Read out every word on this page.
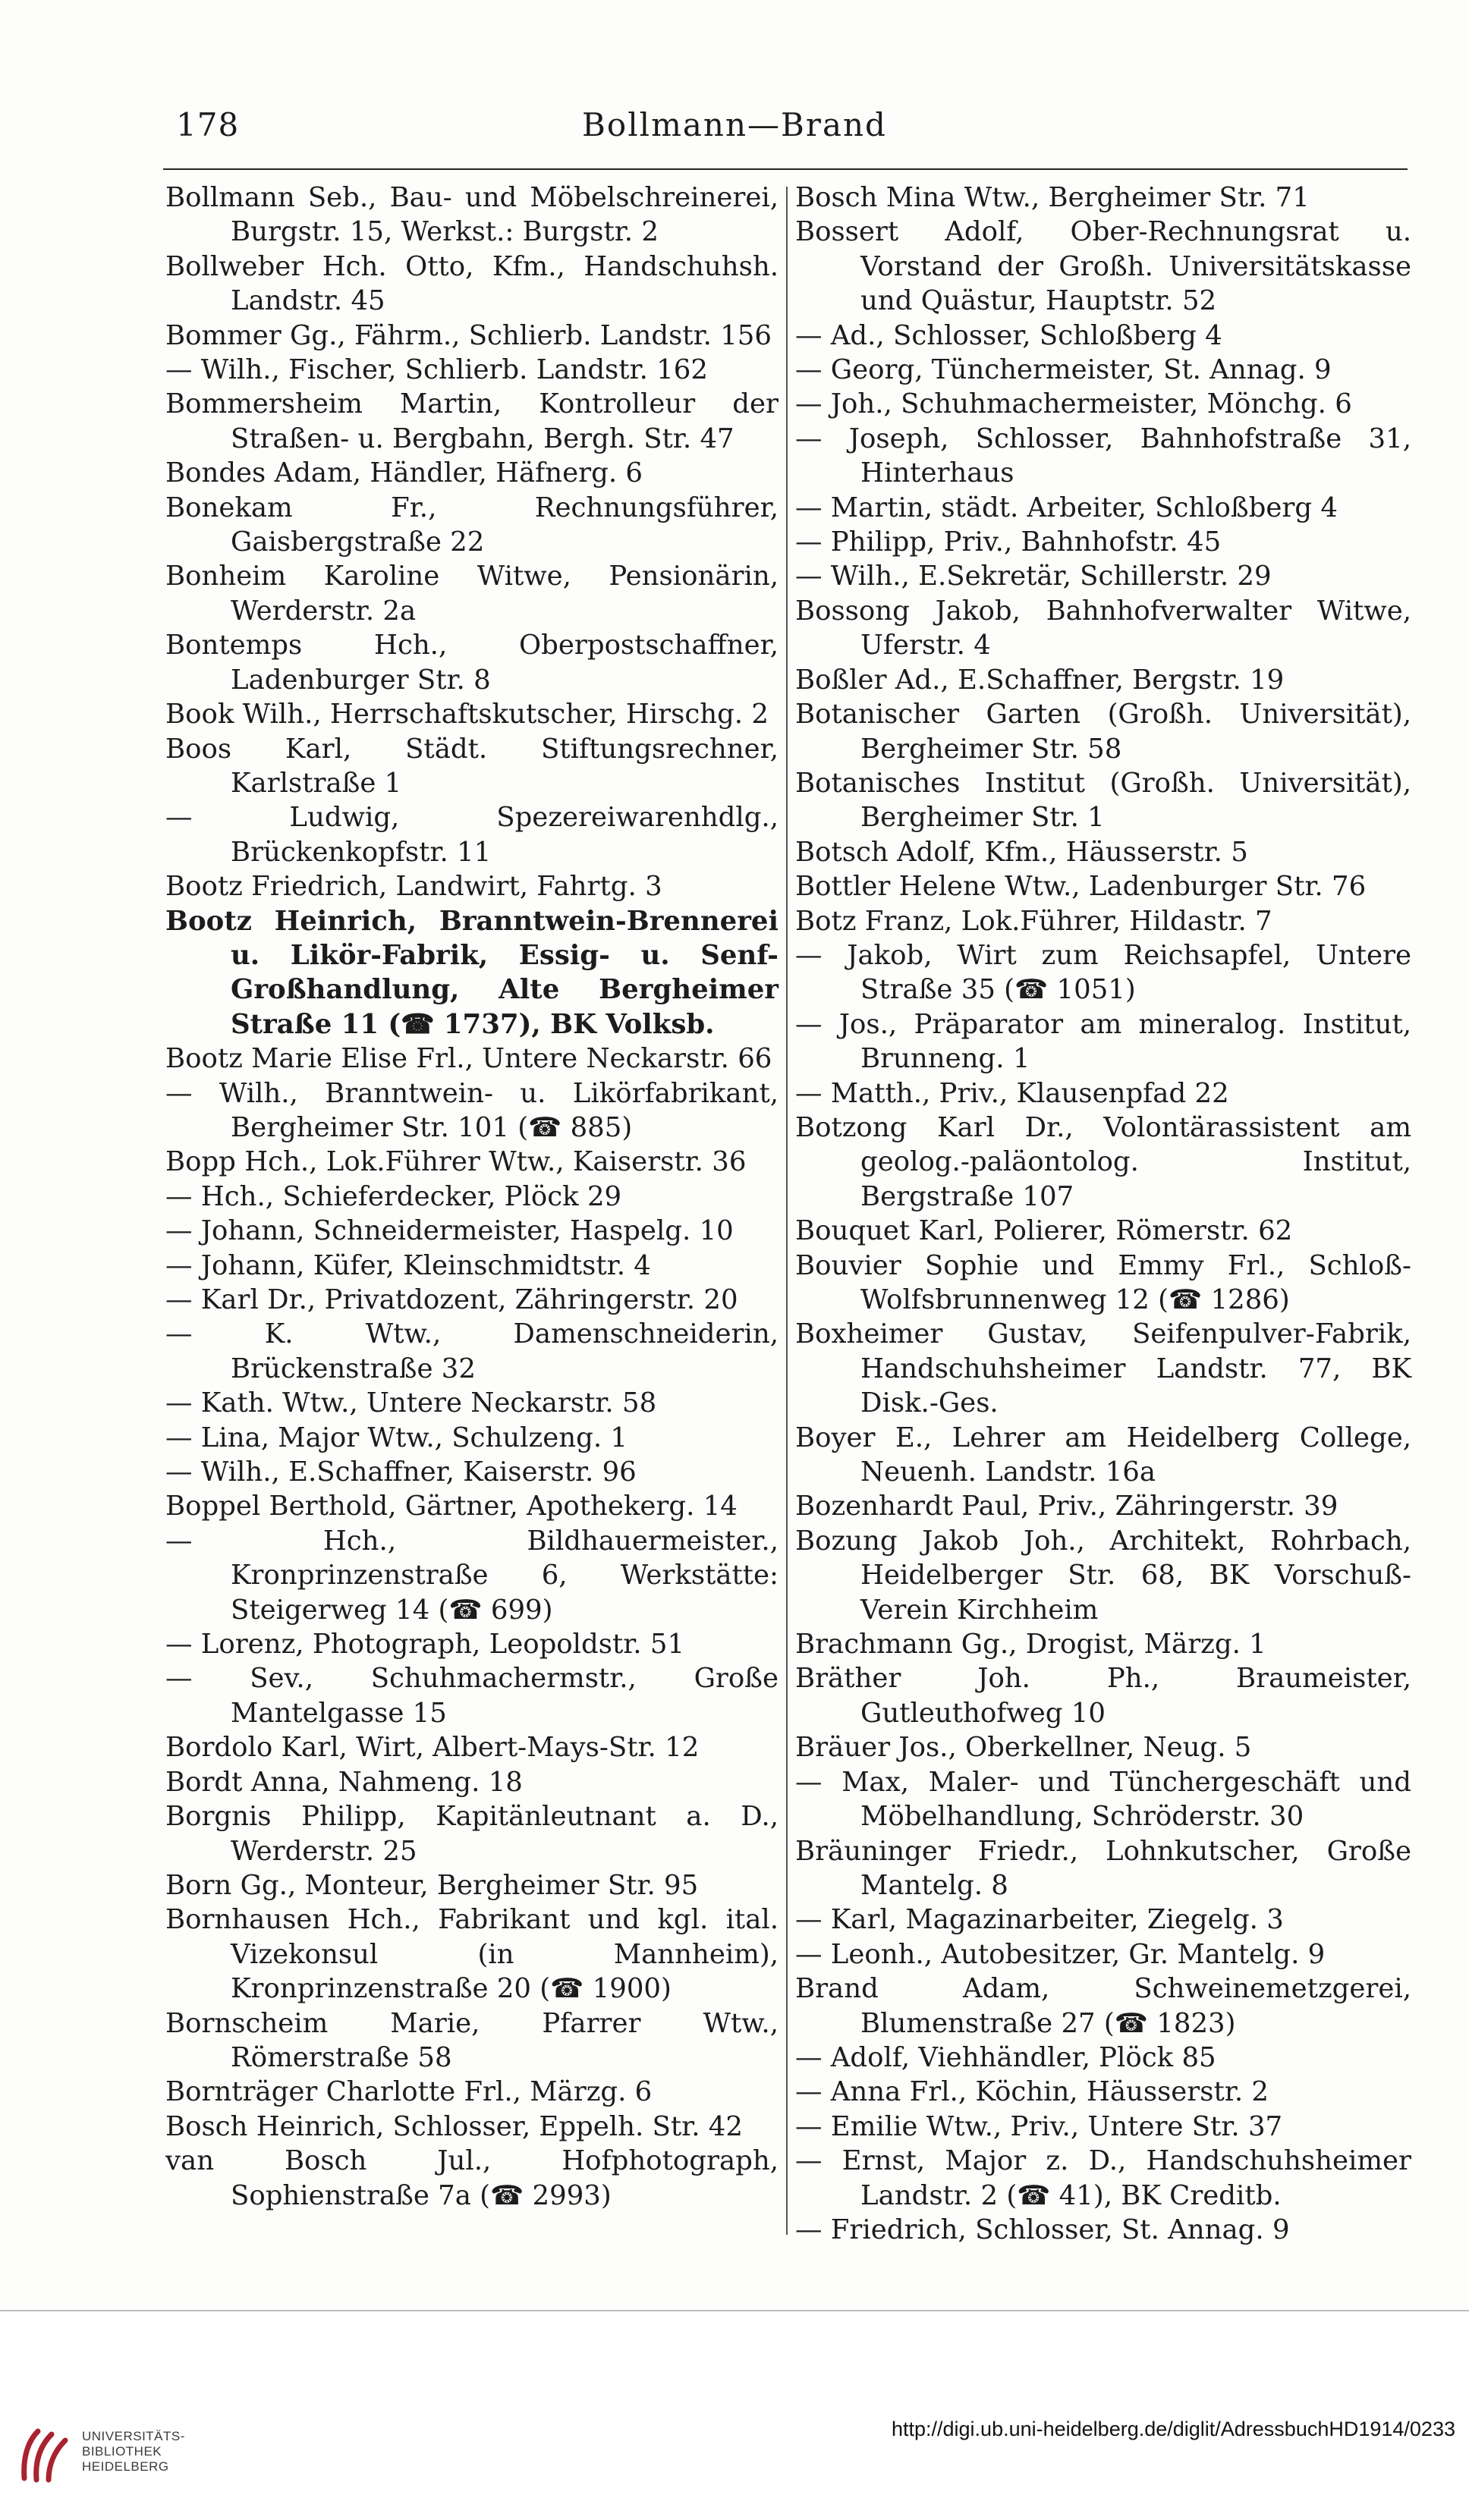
178	Bollmann—Brand
Bollmann Seb., Bau- und Möbelschreinerei, Burgstr. 15, Werkst.: Burgstr. 2
Bollweber Hch. Otto, Kfm., Handschuhsh. Landstr. 45
Bommer Gg., Fährm., Schlierb. Landstr. 156
— Wilh., Fischer, Schlierb. Landstr. 162
Bommersheim Martin, Kontrolleur der Straßen- u. Bergbahn, Bergh. Str. 47
Bondes Adam, Händler, Häfnerg. 6
Bonekam Fr., Rechnungsführer, Gaisbergstraße 22
Bonheim Karoline Witwe, Pensionärin, Werderstr. 2a
Bontemps Hch., Oberpostschaffner, Ladenburger Str. 8
Book Wilh., Herrschaftskutscher, Hirschg. 2
Boos Karl, Städt. Stiftungsrechner, Karlstraße 1
— Ludwig, Spezereiwarenhdlg., Brückenkopfstr. 11
Bootz Friedrich, Landwirt, Fahrtg. 3
Bootz Heinrich, Branntwein-Brennerei u. Likör-Fabrik, Essig- u. Senf-Großhandlung, Alte Bergheimer Straße 11 (☎ 1737), BK Volksb.
Bootz Marie Elise Frl., Untere Neckarstr. 66
— Wilh., Branntwein- u. Likörfabrikant, Bergheimer Str. 101 (☎ 885)
Bopp Hch., Lok.Führer Wtw., Kaiserstr. 36
— Hch., Schieferdecker, Plöck 29
— Johann, Schneidermeister, Haspelg. 10
— Johann, Küfer, Kleinschmidtstr. 4
— Karl Dr., Privatdozent, Zähringerstr. 20
— K. Wtw., Damenschneiderin, Brückenstraße 32
— Kath. Wtw., Untere Neckarstr. 58
— Lina, Major Wtw., Schulzeng. 1
— Wilh., E.Schaffner, Kaiserstr. 96
Boppel Berthold, Gärtner, Apothekerg. 14
— Hch., Bildhauermeister., Kronprinzenstraße 6, Werkstätte: Steigerweg 14 (☎ 699)
— Lorenz, Photograph, Leopoldstr. 51
— Sev., Schuhmachermstr., Große Mantelgasse 15
Bordolo Karl, Wirt, Albert-Mays-Str. 12
Bordt Anna, Nahmeng. 18
Borgnis Philipp, Kapitänleutnant a. D., Werderstr. 25
Born Gg., Monteur, Bergheimer Str. 95
Bornhausen Hch., Fabrikant und kgl. ital. Vizekonsul (in Mannheim), Kronprinzenstraße 20 (☎ 1900)
Bornscheim Marie, Pfarrer Wtw., Römerstraße 58
Bornträger Charlotte Frl., Märzg. 6
Bosch Heinrich, Schlosser, Eppelh. Str. 42
van Bosch Jul., Hofphotograph, Sophienstraße 7a (☎ 2993)
Bosch Mina Wtw., Bergheimer Str. 71
Bossert Adolf, Ober-Rechnungsrat u. Vorstand der Großh. Universitätskasse und Quästur, Hauptstr. 52
— Ad., Schlosser, Schloßberg 4
— Georg, Tünchermeister, St. Annag. 9
— Joh., Schuhmachermeister, Mönchg. 6
— Joseph, Schlosser, Bahnhofstraße 31, Hinterhaus
— Martin, städt. Arbeiter, Schloßberg 4
— Philipp, Priv., Bahnhofstr. 45
— Wilh., E.Sekretär, Schillerstr. 29
Bossong Jakob, Bahnhofverwalter Witwe, Uferstr. 4
Boßler Ad., E.Schaffner, Bergstr. 19
Botanischer Garten (Großh. Universität), Bergheimer Str. 58
Botanisches Institut (Großh. Universität), Bergheimer Str. 1
Botsch Adolf, Kfm., Häusserstr. 5
Bottler Helene Wtw., Ladenburger Str. 76
Botz Franz, Lok.Führer, Hildastr. 7
— Jakob, Wirt zum Reichsapfel, Untere Straße 35 (☎ 1051)
— Jos., Präparator am mineralog. Institut, Brunneng. 1
— Matth., Priv., Klausenpfad 22
Botzong Karl Dr., Volontärassistent am geolog.-paläontolog. Institut, Bergstraße 107
Bouquet Karl, Polierer, Römerstr. 62
Bouvier Sophie und Emmy Frl., Schloß-Wolfsbrunnenweg 12 (☎ 1286)
Boxheimer Gustav, Seifenpulver-Fabrik, Handschuhsheimer Landstr. 77, BK Disk.-Ges.
Boyer E., Lehrer am Heidelberg College, Neuenh. Landstr. 16a
Bozenhardt Paul, Priv., Zähringerstr. 39
Bozung Jakob Joh., Architekt, Rohrbach, Heidelberger Str. 68, BK Vorschuß-Verein Kirchheim
Brachmann Gg., Drogist, Märzg. 1
Bräther Joh. Ph., Braumeister, Gutleuthofweg 10
Bräuer Jos., Oberkellner, Neug. 5
— Max, Maler- und Tünchergeschäft und Möbelhandlung, Schröderstr. 30
Bräuninger Friedr., Lohnkutscher, Große Mantelg. 8
— Karl, Magazinarbeiter, Ziegelg. 3
— Leonh., Autobesitzer, Gr. Mantelg. 9
Brand Adam, Schweinemetzgerei, Blumenstraße 27 (☎ 1823)
— Adolf, Viehhändler, Plöck 85
— Anna Frl., Köchin, Häusserstr. 2
— Emilie Wtw., Priv., Untere Str. 37
— Ernst, Major z. D., Handschuhsheimer Landstr. 2 (☎ 41), BK Creditb.
— Friedrich, Schlosser, St. Annag. 9
UNIVERSITÄTS-
BIBLIOTHEK
HEIDELBERG
http://digi.ub.uni-heidelberg.de/diglit/AdressbuchHD1914/0233
